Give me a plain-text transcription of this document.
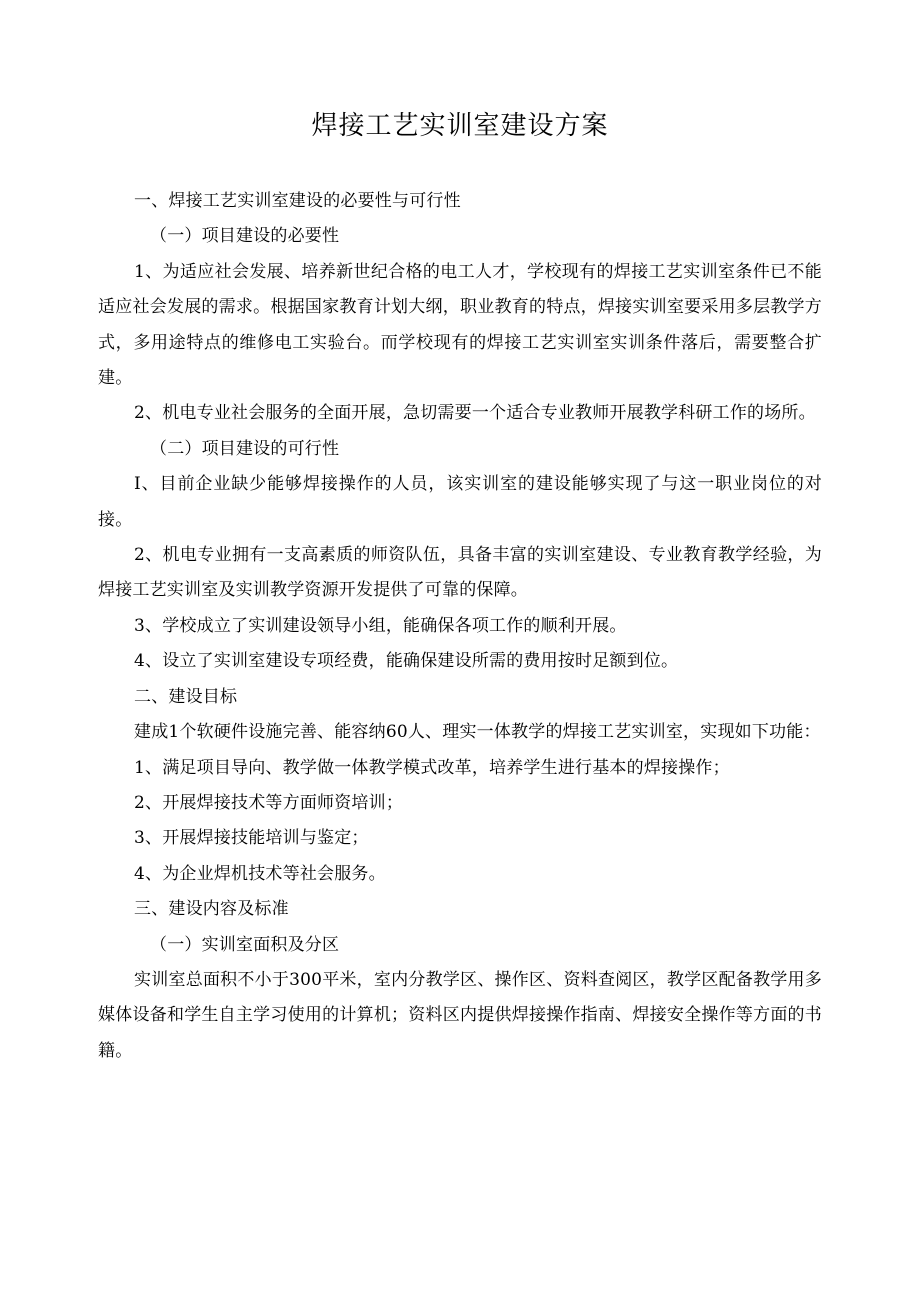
焊接工艺实训室建设方案

一、焊接工艺实训室建设的必要性与可行性

（一）项目建设的必要性

1、为适应社会发展、培养新世纪合格的电工人才，学校现有的焊接工艺实训室条件已不能适应社会发展的需求。根据国家教育计划大纲，职业教育的特点，焊接实训室要采用多层教学方式，多用途特点的维修电工实验台。而学校现有的焊接工艺实训室实训条件落后，需要整合扩建。

2、机电专业社会服务的全面开展，急切需要一个适合专业教师开展教学科研工作的场所。

（二）项目建设的可行性

I、目前企业缺少能够焊接操作的人员，该实训室的建设能够实现了与这一职业岗位的对接。

2、机电专业拥有一支高素质的师资队伍，具备丰富的实训室建设、专业教育教学经验，为焊接工艺实训室及实训教学资源开发提供了可靠的保障。

3、学校成立了实训建设领导小组，能确保各项工作的顺利开展。

4、设立了实训室建设专项经费，能确保建设所需的费用按时足额到位。

二、建设目标

建成1个软硬件设施完善、能容纳60人、理实一体教学的焊接工艺实训室，实现如下功能：

1、满足项目导向、教学做一体教学模式改革，培养学生进行基本的焊接操作；

2、开展焊接技术等方面师资培训；

3、开展焊接技能培训与鉴定；

4、为企业焊机技术等社会服务。

三、建设内容及标准

（一）实训室面积及分区

实训室总面积不小于300平米，室内分教学区、操作区、资料查阅区，教学区配备教学用多媒体设备和学生自主学习使用的计算机；资料区内提供焊接操作指南、焊接安全操作等方面的书籍。
